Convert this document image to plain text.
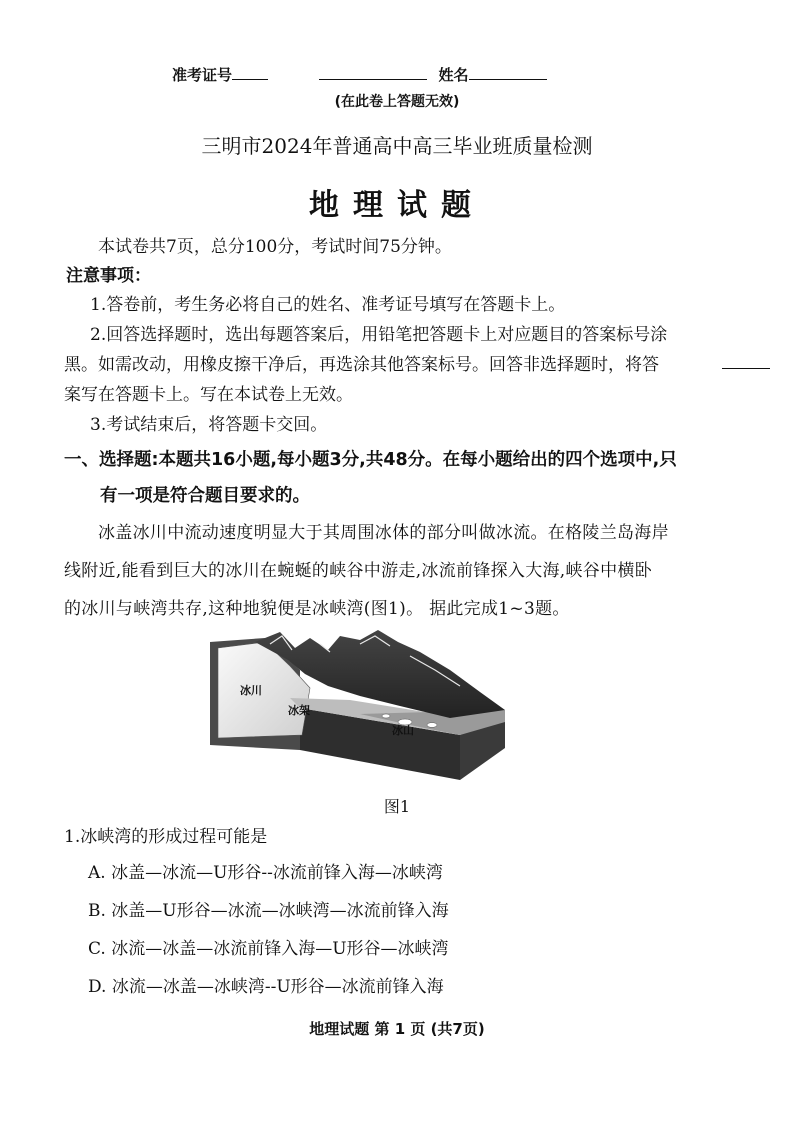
准考证号	姓名
(在此卷上答题无效)
三明市2024年普通高中高三毕业班质量检测
地理试题
本试卷共7页，总分100分，考试时间75分钟。
注意事项：
1.答卷前，考生务必将自己的姓名、准考证号填写在答题卡上。
2.回答选择题时，选出每题答案后，用铅笔把答题卡上对应题目的答案标号涂
黑。如需改动，用橡皮擦干净后，再选涂其他答案标号。回答非选择题时，将答
案写在答题卡上。写在本试卷上无效。
3.考试结束后，将答题卡交回。
一、选择题:本题共16小题,每小题3分,共48分。在每小题给出的四个选项中,只
有一项是符合题目要求的。
冰盖冰川中流动速度明显大于其周围冰体的部分叫做冰流。在格陵兰岛海岸
线附近,能看到巨大的冰川在蜿蜒的峡谷中游走,冰流前锋探入大海,峡谷中横卧
的冰川与峡湾共存,这种地貌便是冰峡湾(图1)。 据此完成1~3题。
冰川
冰架
冰山
图1
1.冰峡湾的形成过程可能是
A. 冰盖—冰流—U形谷--冰流前锋入海—冰峡湾
B. 冰盖—U形谷—冰流—冰峡湾—冰流前锋入海
C. 冰流—冰盖—冰流前锋入海—U形谷—冰峡湾
D. 冰流—冰盖—冰峡湾--U形谷—冰流前锋入海
地理试题 第 1 页 (共7页)
